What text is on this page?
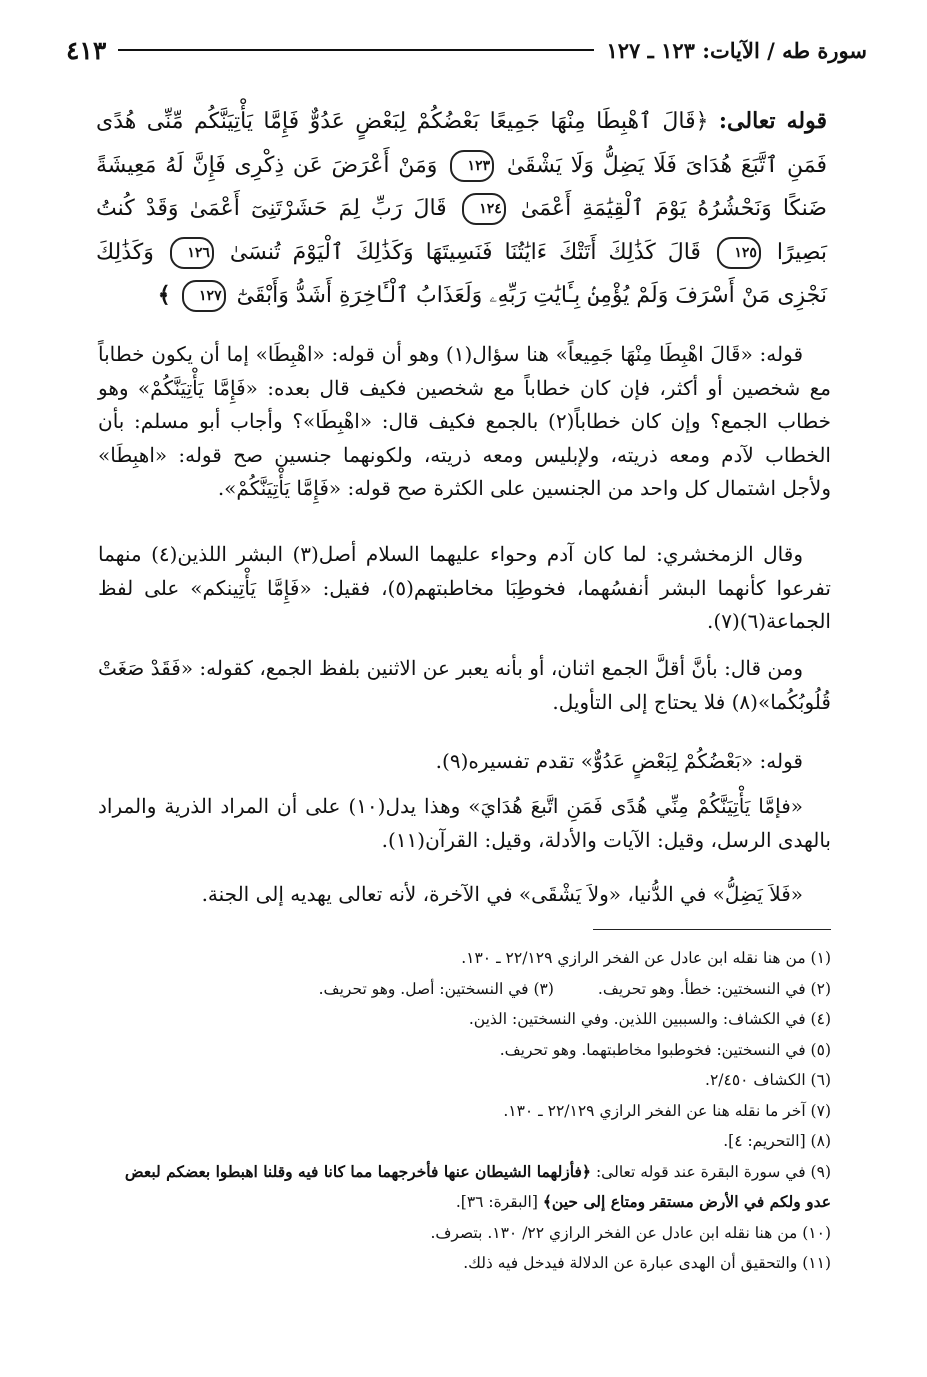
سورة طه / الآيات: ١٢٣ ـ ١٢٧
٤١٣
قوله تعالى: ﴿قَالَ ٱهْبِطَا مِنْهَا جَمِيعًا بَعْضُكُمْ لِبَعْضٍ عَدُوٌّ فَإِمَّا يَأْتِيَنَّكُم مِّنِّى هُدًى فَمَنِ ٱتَّبَعَ هُدَاىَ فَلَا يَضِلُّ وَلَا يَشْقَىٰ ١٢٣ وَمَنْ أَعْرَضَ عَن ذِكْرِى فَإِنَّ لَهُ مَعِيشَةً ضَنكًا وَنَحْشُرُهُ يَوْمَ ٱلْقِيَٰمَةِ أَعْمَىٰ ١٢٤ قَالَ رَبِّ لِمَ حَشَرْتَنِىٓ أَعْمَىٰ وَقَدْ كُنتُ بَصِيرًا ١٢٥ قَالَ كَذَٰلِكَ أَتَتْكَ ءَايَٰتُنَا فَنَسِيتَهَا وَكَذَٰلِكَ ٱلْيَوْمَ تُنسَىٰ ١٢٦ وَكَذَٰلِكَ نَجْزِى مَنْ أَسْرَفَ وَلَمْ يُؤْمِنۢ بِـَٔايَٰتِ رَبِّهِۦ وَلَعَذَابُ ٱلْـَٔاخِرَةِ أَشَدُّ وَأَبْقَىٰٓ ١٢٧ ﴾

قوله: «قَالَ اهْبِطَا مِنْهَا جَمِيعاً» هنا سؤال(١) وهو أن قوله: «اهْبِطَا» إما أن يكون خطاباً مع شخصين أو أكثر، فإن كان خطاباً مع شخصين فكيف قال بعده: «فَإِمَّا يَأْتِيَنَّكُمْ» وهو خطاب الجمع؟ وإن كان خطاباً(٢) بالجمع فكيف قال: «اهْبِطَا»؟ وأجاب أبو مسلم: بأن الخطاب لآدم ومعه ذريته، ولإبليس ومعه ذريته، ولكونهما جنسين صح قوله: «اهبِطَا» ولأجل اشتمال كل واحد من الجنسين على الكثرة صح قوله: «فَإِمَّا يَأْتِيَنَّكُمْ».

وقال الزمخشري: لما كان آدم وحواء عليهما السلام أصل(٣) البشر اللذين(٤) منهما تفرعوا كأنهما البشر أنفسُهما، فخوطِبَا مخاطبتهم(٥)، فقيل: «فَإِمَّا يَأْتِينكم» على لفظ الجماعة(٦)(٧).

ومن قال: بأنَّ أقلَّ الجمع اثنان، أو بأنه يعبر عن الاثنين بلفظ الجمع، كقوله: «فَقَدْ صَغَتْ قُلُوبُكُما»(٨) فلا يحتاج إلى التأويل.

قوله: «بَعْضُكُمْ لِبَعْضٍ عَدُوٌّ» تقدم تفسيره(٩).

«فإمَّا يَأْتِيَنَّكُمْ مِنِّي هُدًى فَمَنِ اتَّبعَ هُدَايَ» وهذا يدل(١٠) على أن المراد الذرية والمراد بالهدى الرسل، وقيل: الآيات والأدلة، وقيل: القرآن(١١).

«فَلاَ يَضِلُّ» في الدُّنيا، «ولاَ يَشْقَى» في الآخرة، لأنه تعالى يهديه إلى الجنة.

(١) من هنا نقله ابن عادل عن الفخر الرازي ٢٢/١٢٩ ـ ١٣٠.

(٢) في النسختين: خطأ. وهو تحريف.

(٣) في النسختين: أصل. وهو تحريف.

(٤) في الكشاف: والسببين اللذين. وفي النسختين: الذين.

(٥) في النسختين: فخوطبوا مخاطبتهما. وهو تحريف.

(٦) الكشاف ٢/٤٥٠.

(٧) آخر ما نقله هنا عن الفخر الرازي ٢٢/١٢٩ ـ ١٣٠.

(٨) [التحريم: ٤].

(٩) في سورة البقرة عند قوله تعالى: ﴿فأزلهما الشيطان عنها فأخرجهما مما كانا فيه وقلنا اهبطوا بعضكم لبعض عدو ولكم في الأرض مستقر ومتاع إلى حين﴾ [البقرة: ٣٦].

(١٠) من هنا نقله ابن عادل عن الفخر الرازي ٢٢/ ١٣٠. بتصرف.

(١١) والتحقيق أن الهدى عبارة عن الدلالة فيدخل فيه ذلك.
